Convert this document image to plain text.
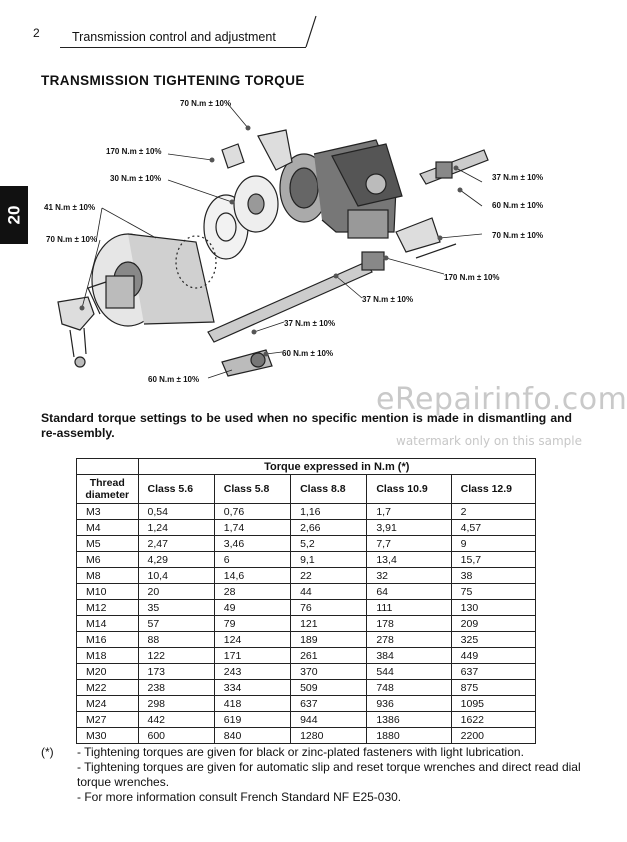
2	Transmission control and adjustment
20
TRANSMISSION TIGHTENING TORQUE
70 N.m ± 10%
170 N.m ± 10%
30 N.m ± 10%
41 N.m ± 10%
70 N.m ± 10%
37 N.m ± 10%
60 N.m ± 10%
70 N.m ± 10%
170 N.m ± 10%
37 N.m ± 10%
37 N.m ± 10%
60 N.m ± 10%
60 N.m ± 10%
eRepairinfo.com
Standard torque settings to be used when no specific mention is made in dismantling and re-assembly.
watermark only on this sample
	Torque expressed in N.m (*)				
Thread
diameter	Class 5.6	Class 5.8	Class 8.8	Class 10.9	Class 12.9
M3	0,54	0,76	1,16	1,7	2
M4	1,24	1,74	2,66	3,91	4,57
M5	2,47	3,46	5,2	7,7	9
M6	4,29	6	9,1	13,4	15,7
M8	10,4	14,6	22	32	38
M10	20	28	44	64	75
M12	35	49	76	111	130
M14	57	79	121	178	209
M16	88	124	189	278	325
M18	122	171	261	384	449
M20	173	243	370	544	637
M22	238	334	509	748	875
M24	298	418	637	936	1095
M27	442	619	944	1386	1622
M30	600	840	1280	1880	2200
(*)	- Tightening torques are given for black or zinc-plated fasteners with light lubrication.
- Tightening torques are given for automatic slip and reset torque wrenches and direct read dial torque wrenches.
- For more information consult French Standard NF E25-030.
